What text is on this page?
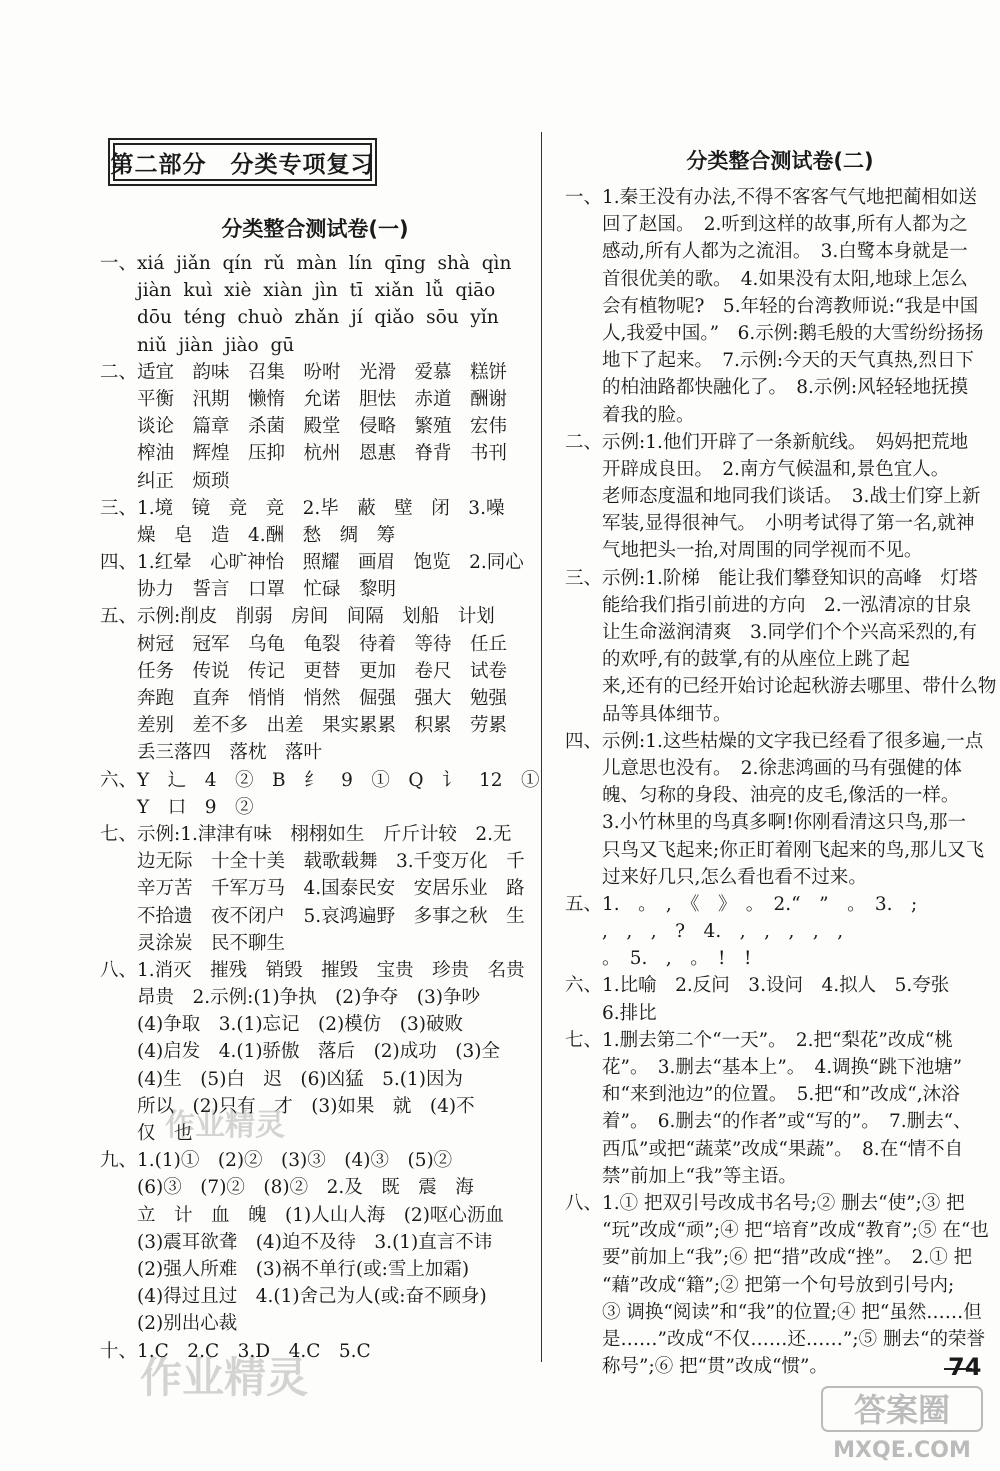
第二部分　分类专项复习
分类整合测试卷(一)
一、xiá  jiǎn  qín  rǔ  màn  lín  qīng  shà  qìn
　　jiàn  kuì  xiè  xiàn  jìn  tī  xiǎn  lǚ  qiāo
　　dōu  téng  chuò  zhǎn  jí  qiǎo  sōu  yǐn
　　niǔ  jiàn  jiào  gū
二、适宜　韵味　召集　吩咐　光滑　爱慕　糕饼
　　平衡　汛期　懒惰　允诺　胆怯　赤道　酬谢
　　谈论　篇章　杀菌　殿堂　侵略　繁殖　宏伟
　　榨油　辉煌　压抑　杭州　恩惠　脊背　书刊
　　纠正　烦琐
三、1.境　镜　竞　竞　2.毕　蔽　壁　闭　3.噪
　　燥　皂　造　4.酬　愁　绸　筹
四、1.红晕　心旷神怡　照耀　画眉　饱览　2.同心
　　协力　誓言　口罩　忙碌　黎明
五、示例:削皮　削弱　房间　间隔　划船　计划
　　树冠　冠军　乌龟　龟裂　待着　等待　任丘
　　任务　传说　传记　更替　更加　卷尺　试卷
　　奔跑　直奔　悄悄　悄然　倔强　强大　勉强
　　差别　差不多　出差　果实累累　积累　劳累
　　丢三落四　落枕　落叶
六、Y　辶　4　②　B　纟　9　①　Q　讠　12　①
　　Y　口　9　②
七、示例:1.津津有味　栩栩如生　斤斤计较　2.无
　　边无际　十全十美　载歌载舞　3.千变万化　千
　　辛万苦　千军万马　4.国泰民安　安居乐业　路
　　不拾遗　夜不闭户　5.哀鸿遍野　多事之秋　生
　　灵涂炭　民不聊生
八、1.消灭　摧残　销毁　摧毁　宝贵　珍贵　名贵
　　昂贵　2.示例:(1)争执　(2)争夺　(3)争吵
　　(4)争取　3.(1)忘记　(2)模仿　(3)破败
　　(4)启发　4.(1)骄傲　落后　(2)成功　(3)全
　　(4)生　(5)白　迟　(6)凶猛　5.(1)因为
　　所以　(2)只有　才　(3)如果　就　(4)不
　　仅　也
九、1.(1)①　(2)②　(3)③　(4)③　(5)②
　　(6)③　(7)②　(8)②　2.及　既　震　海
　　立　计　血　魄　(1)人山人海　(2)呕心沥血
　　(3)震耳欲聋　(4)迫不及待　3.(1)直言不讳
　　(2)强人所难　(3)祸不单行(或:雪上加霜)
　　(4)得过且过　4.(1)舍己为人(或:奋不顾身)
　　(2)别出心裁
十、1.C　2.C　3.D　4.C　5.C
分类整合测试卷(二)
一、1.秦王没有办法,不得不客客气气地把蔺相如送
　　回了赵国。　2.听到这样的故事,所有人都为之
　　感动,所有人都为之流泪。　3.白鹭本身就是一
　　首很优美的歌。　4.如果没有太阳,地球上怎么
　　会有植物呢?　5.年轻的台湾教师说:“我是中国
　　人,我爱中国。”　6.示例:鹅毛般的大雪纷纷扬扬
　　地下了起来。　7.示例:今天的天气真热,烈日下
　　的柏油路都快融化了。　8.示例:风轻轻地抚摸
　　着我的脸。
二、示例:1.他们开辟了一条新航线。　妈妈把荒地
　　开辟成良田。　2.南方气候温和,景色宜人。
　　老师态度温和地同我们谈话。　3.战士们穿上新
　　军装,显得很神气。　小明考试得了第一名,就神
　　气地把头一抬,对周围的同学视而不见。
三、示例:1.阶梯　能让我们攀登知识的高峰　灯塔
　　能给我们指引前进的方向　2.一泓清凉的甘泉
　　让生命滋润清爽　3.同学们个个兴高采烈的,有
　　的欢呼,有的鼓掌,有的从座位上跳了起
　　来,还有的已经开始讨论起秋游去哪里、带什么物
　　品等具体细节。
四、示例:1.这些枯燥的文字我已经看了很多遍,一点
　　儿意思也没有。　2.徐悲鸿画的马有强健的体
　　魄、匀称的身段、油亮的皮毛,像活的一样。
　　3.小竹林里的鸟真多啊!你刚看清这只鸟,那一
　　只鸟又飞起来;你正盯着刚飞起来的鸟,那儿又飞
　　过来好几只,怎么看也看不过来。
五、1.　。　,　《　》　。　2.“　”　。　3.　;
　　,　,　,　?　4.　,　,　,　,　,
　　。　5.　,　。　!　!
六、1.比喻　2.反问　3.设问　4.拟人　5.夸张
　　6.排比
七、1.删去第二个“一天”。　2.把“梨花”改成“桃
　　花”。　3.删去“基本上”。　4.调换“跳下池塘”
　　和“来到池边”的位置。　5.把“和”改成“,沐浴
　　着”。　6.删去“的作者”或“写的”。　7.删去“、
　　西瓜”或把“蔬菜”改成“果蔬”。　8.在“情不自
　　禁”前加上“我”等主语。
八、1.① 把双引号改成书名号;② 删去“使”;③ 把
　　“玩”改成“顽”;④ 把“培育”改成“教育”;⑤ 在“也
　　要”前加上“我”;⑥ 把“措”改成“挫”。　2.① 把
　　“藉”改成“籍”;② 把第一个句号放到引号内;
　　③ 调换“阅读”和“我”的位置;④ 把“虽然……但
　　是……”改成“不仅……还……”;⑤ 删去“的荣誉
　　称号”;⑥ 把“贯”改成“惯”。	74
作业精灵
作业精灵
答案圈
MXQE.COM
